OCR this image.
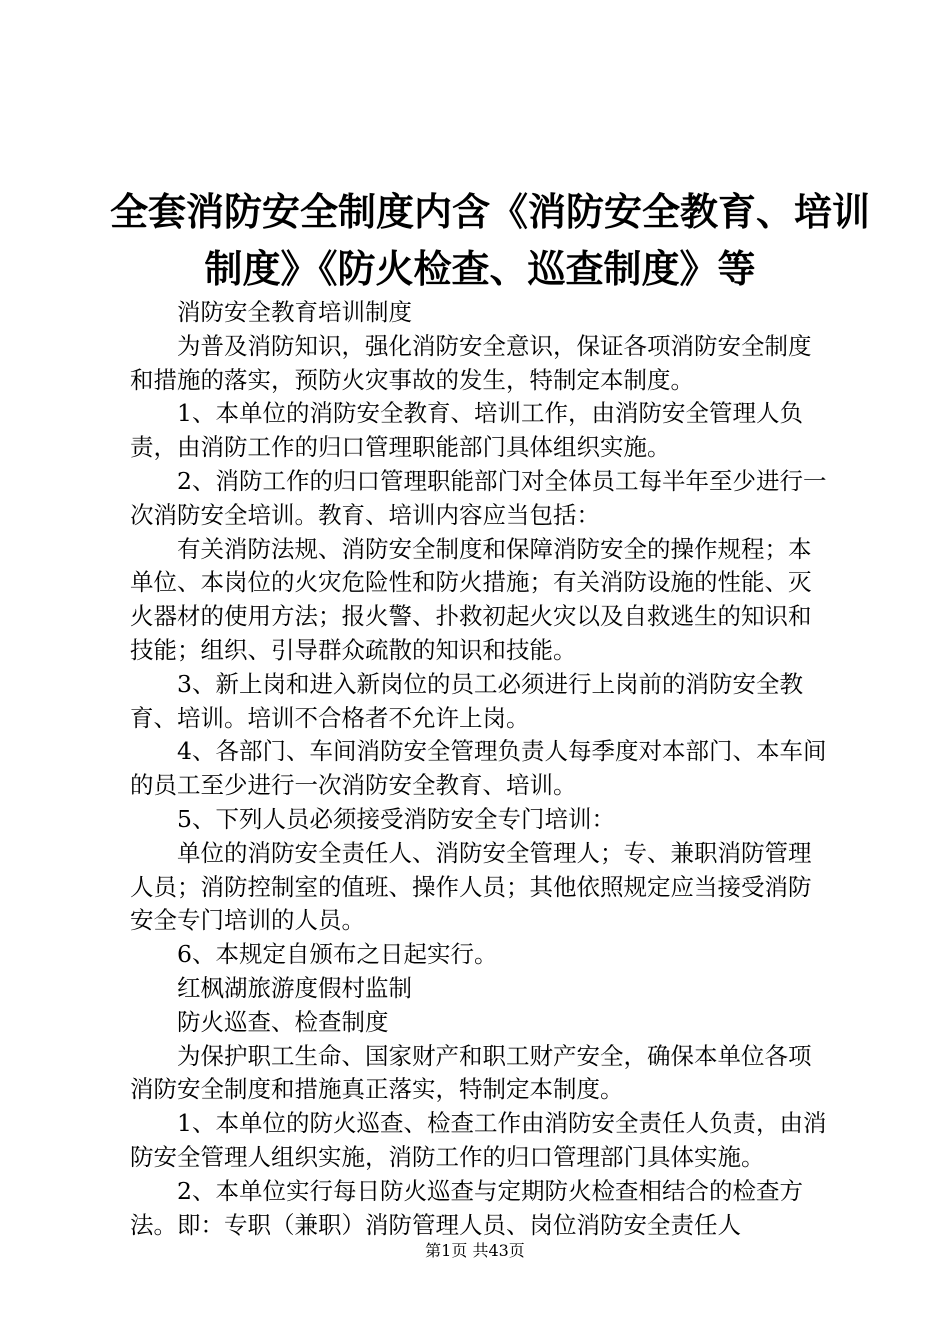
全套消防安全制度内含《消防安全教育、培训
制度》《防火检查、巡查制度》等

消防安全教育培训制度

为普及消防知识，强化消防安全意识，保证各项消防安全制度和措施的落实，预防火灾事故的发生，特制定本制度。

1、本单位的消防安全教育、培训工作，由消防安全管理人负责，由消防工作的归口管理职能部门具体组织实施。

2、消防工作的归口管理职能部门对全体员工每半年至少进行一次消防安全培训。教育、培训内容应当包括：

有关消防法规、消防安全制度和保障消防安全的操作规程；本单位、本岗位的火灾危险性和防火措施；有关消防设施的性能、灭火器材的使用方法；报火警、扑救初起火灾以及自救逃生的知识和技能；组织、引导群众疏散的知识和技能。

3、新上岗和进入新岗位的员工必须进行上岗前的消防安全教育、培训。培训不合格者不允许上岗。

4、各部门、车间消防安全管理负责人每季度对本部门、本车间的员工至少进行一次消防安全教育、培训。

5、下列人员必须接受消防安全专门培训：

单位的消防安全责任人、消防安全管理人；专、兼职消防管理人员；消防控制室的值班、操作人员；其他依照规定应当接受消防安全专门培训的人员。

6、本规定自颁布之日起实行。

红枫湖旅游度假村监制

防火巡查、检查制度

为保护职工生命、国家财产和职工财产安全，确保本单位各项消防安全制度和措施真正落实，特制定本制度。

1、本单位的防火巡查、检查工作由消防安全责任人负责，由消防安全管理人组织实施，消防工作的归口管理部门具体实施。

2、本单位实行每日防火巡查与定期防火检查相结合的检查方法。即：专职（兼职）消防管理人员、岗位消防安全责任人

第1页 共43页
